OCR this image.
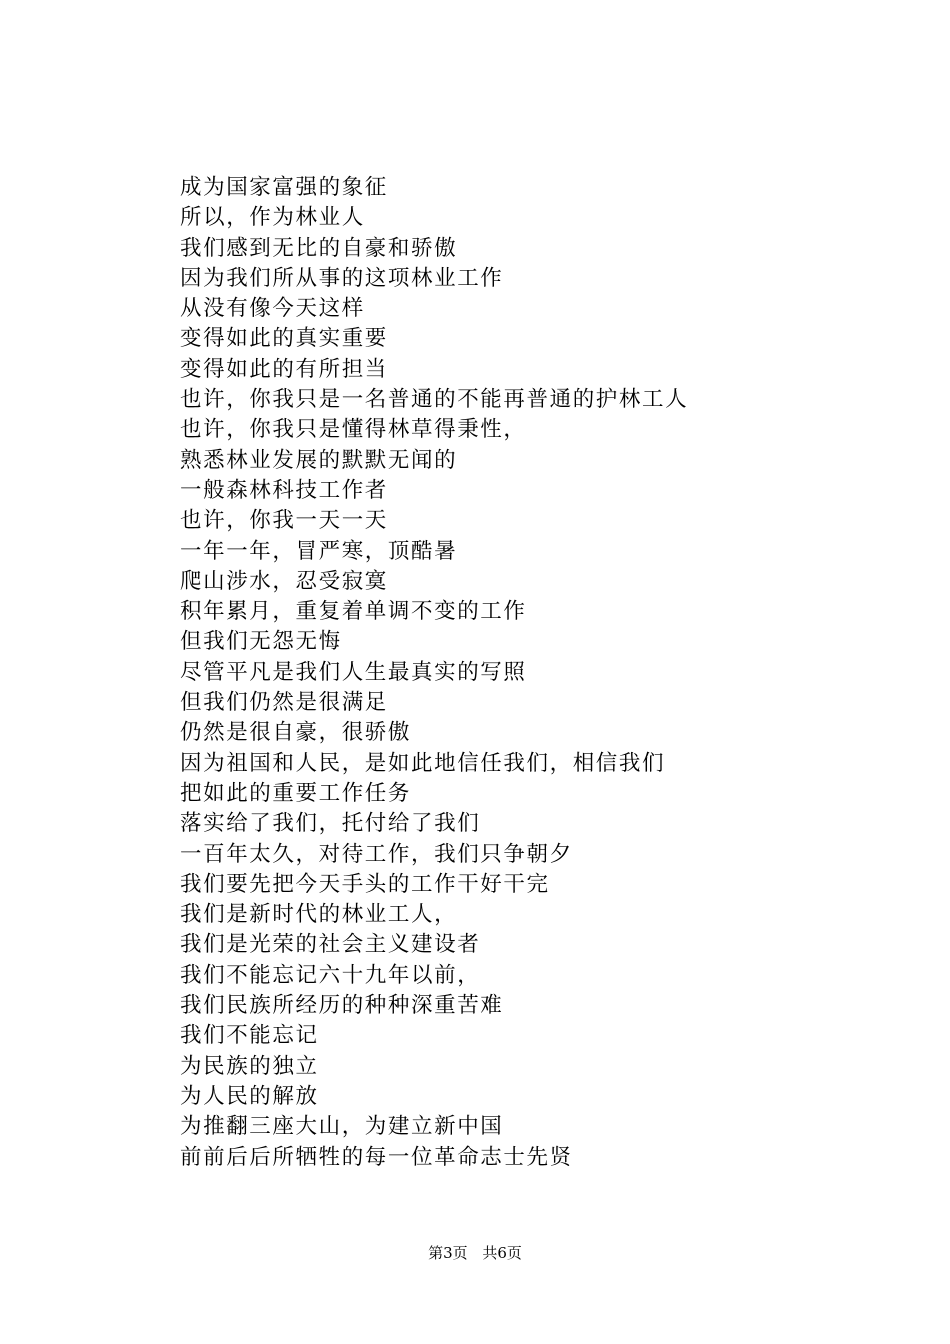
成为国家富强的象征
所以，作为林业人
我们感到无比的自豪和骄傲
因为我们所从事的这项林业工作
从没有像今天这样
变得如此的真实重要
变得如此的有所担当
也许，你我只是一名普通的不能再普通的护林工人
也许，你我只是懂得林草得秉性，
熟悉林业发展的默默无闻的
一般森林科技工作者
也许，你我一天一天
一年一年，冒严寒，顶酷暑
爬山涉水，忍受寂寞
积年累月，重复着单调不变的工作
但我们无怨无悔
尽管平凡是我们人生最真实的写照
但我们仍然是很满足
仍然是很自豪，很骄傲
因为祖国和人民，是如此地信任我们，相信我们
把如此的重要工作任务
落实给了我们，托付给了我们
一百年太久，对待工作，我们只争朝夕
我们要先把今天手头的工作干好干完
我们是新时代的林业工人，
我们是光荣的社会主义建设者
我们不能忘记六十九年以前，
我们民族所经历的种种深重苦难
我们不能忘记
为民族的独立
为人民的解放
为推翻三座大山，为建立新中国
前前后后所牺牲的每一位革命志士先贤
第3页 共6页
